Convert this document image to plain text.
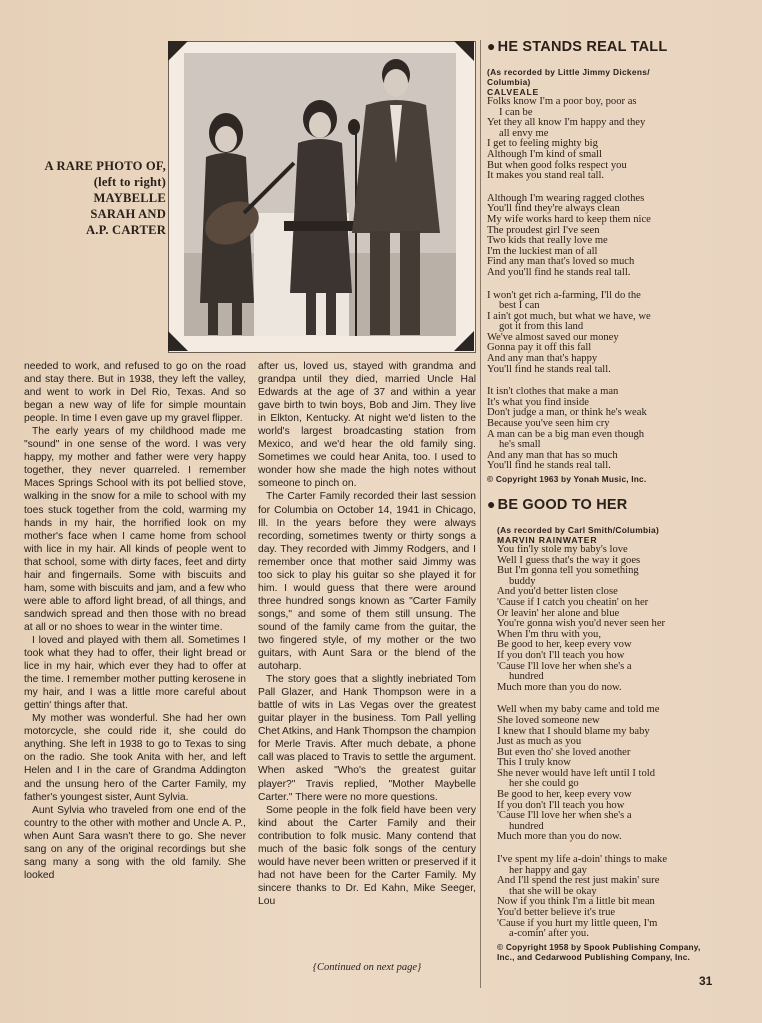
A RARE PHOTO OF,
(left to right)
MAYBELLE
SARAH AND
A.P. CARTER

needed to work, and refused to go on the road and stay there. But in 1938, they left the valley, and went to work in Del Rio, Texas. And so began a new way of life for simple mountain people. In time I even gave up my gravel flipper.

The early years of my childhood made me "sound" in one sense of the word. I was very happy, my mother and father were very happy together, they never quarreled. I remember Maces Springs School with its pot bellied stove, walking in the snow for a mile to school with my toes stuck together from the cold, warming my hands in my hair, the horrified look on my mother's face when I came home from school with lice in my hair. All kinds of people went to that school, some with dirty faces, feet and dirty hair and fingernails. Some with biscuits and ham, some with biscuits and jam, and a few who were able to afford light bread, of all things, and sandwich spread and then those with no bread at all or no shoes to wear in the winter time.

I loved and played with them all. Sometimes I took what they had to offer, their light bread or lice in my hair, which ever they had to offer at the time. I remember mother putting kerosene in my hair, and I was a little more careful about gettin' things after that.

My mother was wonderful. She had her own motorcycle, she could ride it, she could do anything. She left in 1938 to go to Texas to sing on the radio. She took Anita with her, and left Helen and I in the care of Grandma Addington and the unsung hero of the Carter Family, my father's youngest sister, Aunt Sylvia.

Aunt Sylvia who traveled from one end of the country to the other with mother and Uncle A. P., when Aunt Sara wasn't there to go. She never sang on any of the original recordings but she sang many a song with the old family. She looked

after us, loved us, stayed with grandma and grandpa until they died, married Uncle Hal Edwards at the age of 37 and within a year gave birth to twin boys, Bob and Jim. They live in Elkton, Kentucky. At night we'd listen to the world's largest broadcasting station from Mexico, and we'd hear the old family sing. Sometimes we could hear Anita, too. I used to wonder how she made the high notes without someone to pinch on.

The Carter Family recorded their last session for Columbia on October 14, 1941 in Chicago, Ill. In the years before they were always recording, sometimes twenty or thirty songs a day. They recorded with Jimmy Rodgers, and I remember once that mother said Jimmy was too sick to play his guitar so she played it for him. I would guess that there were around three hundred songs known as "Carter Family songs," and some of them still unsung. The sound of the family came from the guitar, the two fingered style, of my mother or the two guitars, with Aunt Sara or the blend of the autoharp.

The story goes that a slightly inebriated Tom Pall Glazer, and Hank Thompson were in a battle of wits in Las Vegas over the greatest guitar player in the business. Tom Pall yelling Chet Atkins, and Hank Thompson the champion for Merle Travis. After much debate, a phone call was placed to Travis to settle the argument. When asked "Who's the greatest guitar player?" Travis replied, "Mother Maybelle Carter." There were no more questions.

Some people in the folk field have been very kind about the Carter Family and their contribution to folk music. Many contend that much of the basic folk songs of the century would have never been written or preserved if it had not have been for the Carter Family. My sincere thanks to Dr. Ed Kahn, Mike Seeger, Lou

{Continued on next page}
● HE STANDS REAL TALL
(As recorded by Little Jimmy Dickens/
Columbia)
CALVEALE
Folks know I'm a poor boy, poor as
I can be
Yet they all know I'm happy and they
all envy me
I get to feeling mighty big
Although I'm kind of small
But when good folks respect you
It makes you stand real tall.
Although I'm wearing ragged clothes
You'll find they're always clean
My wife works hard to keep them nice
The proudest girl I've seen
Two kids that really love me
I'm the luckiest man of all
Find any man that's loved so much
And you'll find he stands real tall.
I won't get rich a-farming, I'll do the
best I can
I ain't got much, but what we have, we
got it from this land
We've almost saved our money
Gonna pay it off this fall
And any man that's happy
You'll find he stands real tall.
It isn't clothes that make a man
It's what you find inside
Don't judge a man, or think he's weak
Because you've seen him cry
A man can be a big man even though
he's small
And any man that has so much
You'll find he stands real tall.
© Copyright 1963 by Yonah Music, Inc.
● BE GOOD TO HER
(As recorded by Carl Smith/Columbia)
MARVIN RAINWATER
You fin'ly stole my baby's love
Well I guess that's the way it goes
But I'm gonna tell you something
buddy
And you'd better listen close
'Cause if I catch you cheatin' on her
Or leavin' her alone and blue
You're gonna wish you'd never seen her
When I'm thru with you,
Be good to her, keep every vow
If you don't I'll teach you how
'Cause I'll love her when she's a
hundred
Much more than you do now.
Well when my baby came and told me
She loved someone new
I knew that I should blame my baby
Just as much as you
But even tho' she loved another
This I truly know
She never would have left until I told
her she could go
Be good to her, keep every vow
If you don't I'll teach you how
'Cause I'll love her when she's a
hundred
Much more than you do now.
I've spent my life a-doin' things to make
her happy and gay
And I'll spend the rest just makin' sure
that she will be okay
Now if you think I'm a little bit mean
You'd better believe it's true
'Cause if you hurt my little queen, I'm
a-comin' after you.
© Copyright 1958 by Spook Publishing Company, Inc., and Cedarwood Publishing Company, Inc.
31
